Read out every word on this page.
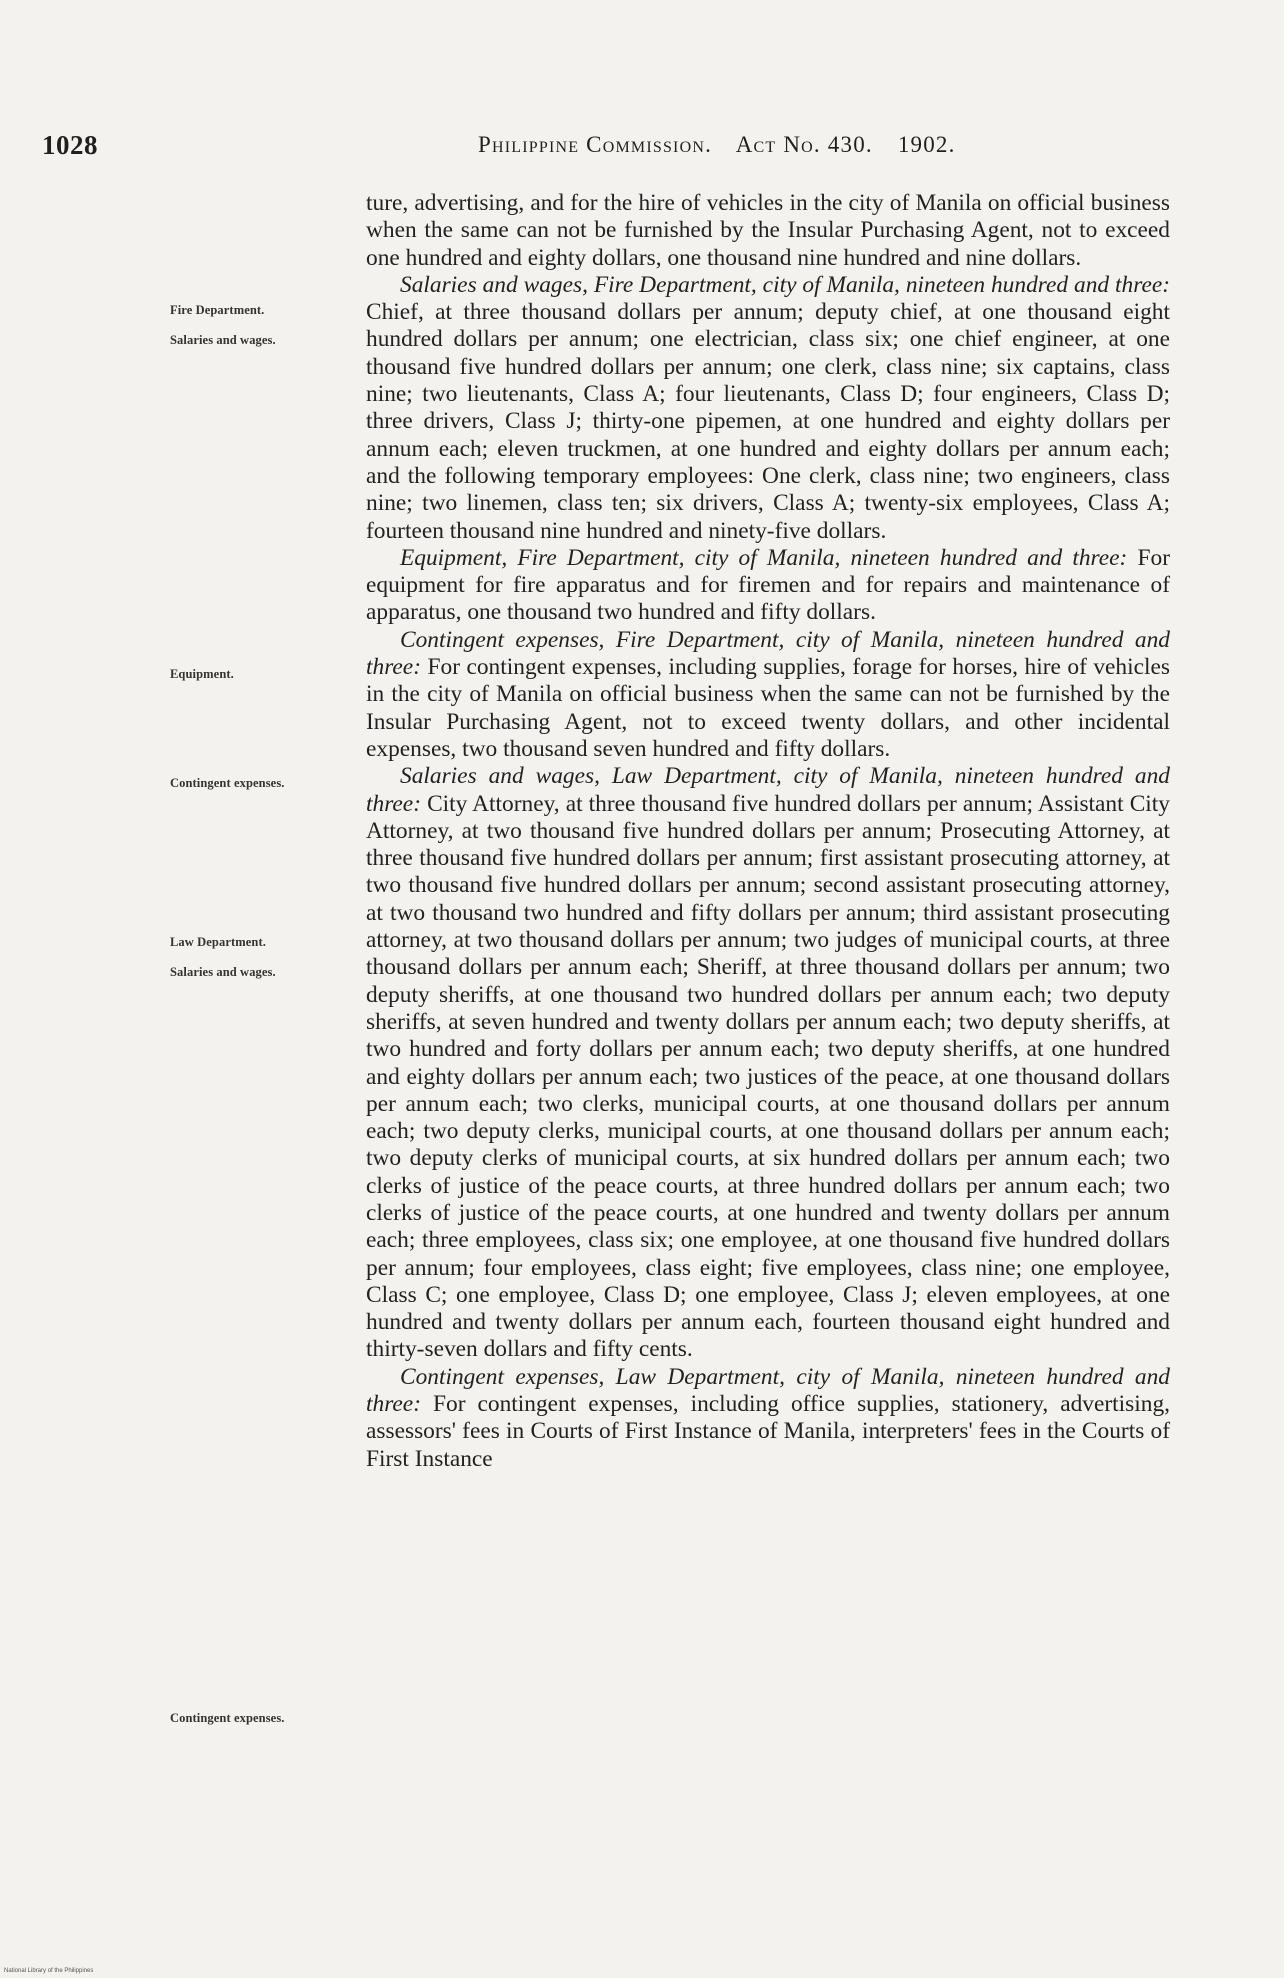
1028	Philippine Commission. Act No. 430. 1902.
Fire Department.
Salaries and wages.
Equipment.
Contingent expenses.
Law Department.
Salaries and wages.
Contingent expenses.

ture, advertising, and for the hire of vehicles in the city of Manila on official business when the same can not be furnished by the Insular Purchasing Agent, not to exceed one hundred and eighty dollars, one thousand nine hundred and nine dollars.

Salaries and wages, Fire Department, city of Manila, nineteen hundred and three: Chief, at three thousand dollars per annum; deputy chief, at one thousand eight hundred dollars per annum; one electrician, class six; one chief engineer, at one thousand five hundred dollars per annum; one clerk, class nine; six captains, class nine; two lieutenants, Class A; four lieutenants, Class D; four engineers, Class D; three drivers, Class J; thirty-one pipemen, at one hundred and eighty dollars per annum each; eleven truckmen, at one hundred and eighty dollars per annum each; and the following temporary employees: One clerk, class nine; two engineers, class nine; two linemen, class ten; six drivers, Class A; twenty-six employees, Class A; fourteen thousand nine hundred and ninety-five dollars.

Equipment, Fire Department, city of Manila, nineteen hundred and three: For equipment for fire apparatus and for firemen and for repairs and maintenance of apparatus, one thousand two hundred and fifty dollars.

Contingent expenses, Fire Department, city of Manila, nineteen hundred and three: For contingent expenses, including supplies, forage for horses, hire of vehicles in the city of Manila on official business when the same can not be furnished by the Insular Purchasing Agent, not to exceed twenty dollars, and other incidental expenses, two thousand seven hundred and fifty dollars.

Salaries and wages, Law Department, city of Manila, nineteen hundred and three: City Attorney, at three thousand five hundred dollars per annum; Assistant City Attorney, at two thousand five hundred dollars per annum; Prosecuting Attorney, at three thousand five hundred dollars per annum; first assistant prosecuting attorney, at two thousand five hundred dollars per annum; second assistant prosecuting attorney, at two thousand two hundred and fifty dollars per annum; third assistant prosecuting attorney, at two thousand dollars per annum; two judges of municipal courts, at three thousand dollars per annum each; Sheriff, at three thousand dollars per annum; two deputy sheriffs, at one thousand two hundred dollars per annum each; two deputy sheriffs, at seven hundred and twenty dollars per annum each; two deputy sheriffs, at two hundred and forty dollars per annum each; two deputy sheriffs, at one hundred and eighty dollars per annum each; two justices of the peace, at one thousand dollars per annum each; two clerks, municipal courts, at one thousand dollars per annum each; two deputy clerks, municipal courts, at one thousand dollars per annum each; two deputy clerks of municipal courts, at six hundred dollars per annum each; two clerks of justice of the peace courts, at three hundred dollars per annum each; two clerks of justice of the peace courts, at one hundred and twenty dollars per annum each; three employees, class six; one employee, at one thousand five hundred dollars per annum; four employees, class eight; five employees, class nine; one employee, Class C; one employee, Class D; one employee, Class J; eleven employees, at one hundred and twenty dollars per annum each, fourteen thousand eight hundred and thirty-seven dollars and fifty cents.

Contingent expenses, Law Department, city of Manila, nineteen hundred and three: For contingent expenses, including office supplies, stationery, advertising, assessors' fees in Courts of First Instance of Manila, interpreters' fees in the Courts of First Instance

National Library of the Philippines
